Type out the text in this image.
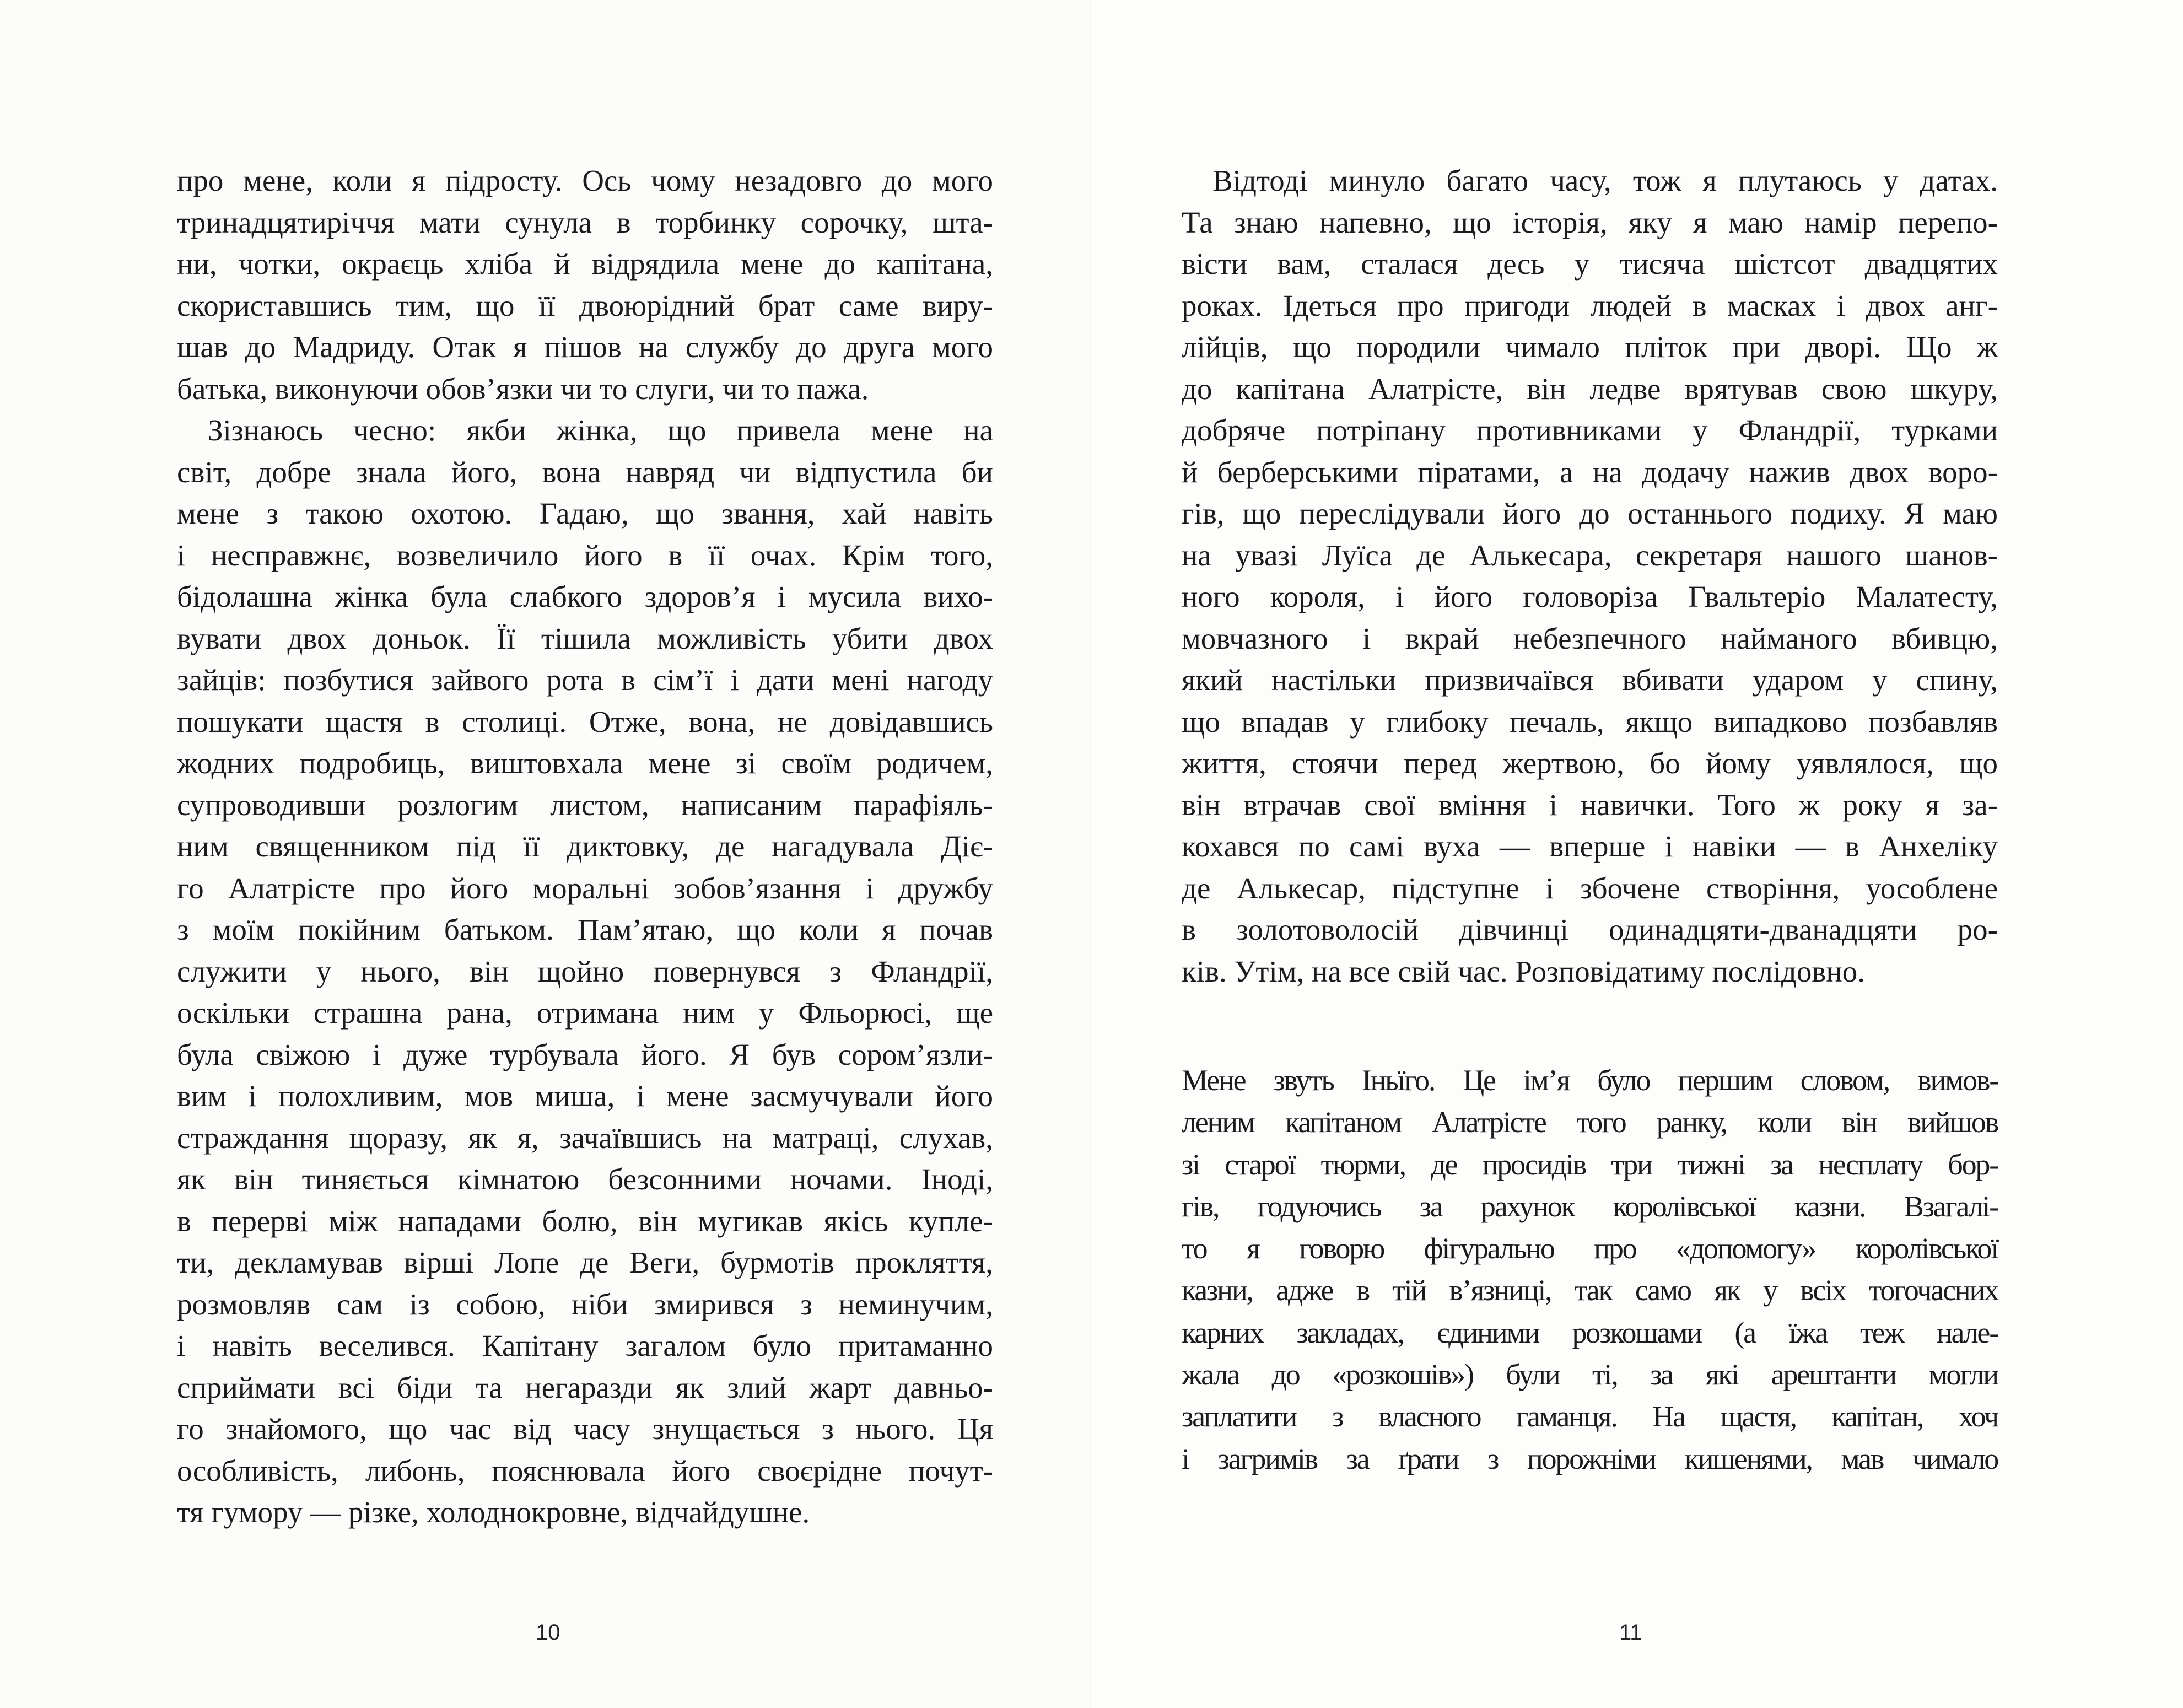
про мене, коли я підросту. Ось чому незадовго до мого
тринадцятиріччя мати сунула в торбинку сорочку, шта-
ни, чотки, окраєць хліба й відрядила мене до капітана,
скориставшись тим, що її двоюрідний брат саме виру-
шав до Мадриду. Отак я пішов на службу до друга мого
батька, виконуючи обов’язки чи то слуги, чи то пажа.
Зізнаюсь чесно: якби жінка, що привела мене на
світ, добре знала його, вона навряд чи відпустила би
мене з такою охотою. Гадаю, що звання, хай навіть
і несправжнє, возвеличило його в її очах. Крім того,
бідолашна жінка була слабкого здоров’я і мусила вихо-
вувати двох доньок. Її тішила можливість убити двох
зайців: позбутися зайвого рота в сім’ї і дати мені нагоду
пошукати щастя в столиці. Отже, вона, не довідавшись
жодних подробиць, виштовхала мене зі своїм родичем,
супроводивши розлогим листом, написаним парафіяль-
ним священником під її диктовку, де нагадувала Діє-
го Алатрісте про його моральні зобов’язання і дружбу
з моїм покійним батьком. Пам’ятаю, що коли я почав
служити у нього, він щойно повернувся з Фландрії,
оскільки страшна рана, отримана ним у Фльорюсі, ще
була свіжою і дуже турбувала його. Я був сором’язли-
вим і полохливим, мов миша, і мене засмучували його
страждання щоразу, як я, зачаївшись на матраці, слухав,
як він тиняється кімнатою безсонними ночами. Іноді,
в перерві між нападами болю, він мугикав якісь купле-
ти, декламував вірші Лопе де Веги, бурмотів прокляття,
розмовляв сам із собою, ніби змирився з неминучим,
і навіть веселився. Капітану загалом було притаманно
сприймати всі біди та негаразди як злий жарт давньо-
го знайомого, що час від часу знущається з нього. Ця
особливість, либонь, пояснювала його своєрідне почут-
тя гумору — різке, холоднокровне, відчайдушне.
10
Відтоді минуло багато часу, тож я плутаюсь у датах.
Та знаю напевно, що історія, яку я маю намір перепо-
вісти вам, сталася десь у тисяча шістсот двадцятих
роках. Ідеться про пригоди людей в масках і двох анг-
лійців, що породили чимало пліток при дворі. Що ж
до капітана Алатрісте, він ледве врятував свою шкуру,
добряче потріпану противниками у Фландрії, турками
й берберськими піратами, а на додачу нажив двох воро-
гів, що переслідували його до останнього подиху. Я маю
на увазі Луїса де Алькесара, секретаря нашого шанов-
ного короля, і його головоріза Гвальтеріо Малатесту,
мовчазного і вкрай небезпечного найманого вбивцю,
який настільки призвичаївся вбивати ударом у спину,
що впадав у глибоку печаль, якщо випадково позбавляв
життя, стоячи перед жертвою, бо йому уявлялося, що
він втрачав свої вміння і навички. Того ж року я за-
кохався по самі вуха — вперше і навіки — в Анхеліку
де Алькесар, підступне і збочене створіння, уособлене
в золотоволосій дівчинці одинадцяти-дванадцяти ро-
ків. Утім, на все свій час. Розповідатиму послідовно.
Мене звуть Іньїго. Це ім’я було першим словом, вимов-
леним капітаном Алатрісте того ранку, коли він вийшов
зі старої тюрми, де просидів три тижні за несплату бор-
гів, годуючись за рахунок королівської казни. Взагалі-
то я говорю фігурально про «допомогу» королівської
казни, адже в тій в’язниці, так само як у всіх тогочасних
карних закладах, єдиними розкошами (а їжа теж нале-
жала до «розкошів») були ті, за які арештанти могли
заплатити з власного гаманця. На щастя, капітан, хоч
і загримів за ґрати з порожніми кишенями, мав чимало
11
